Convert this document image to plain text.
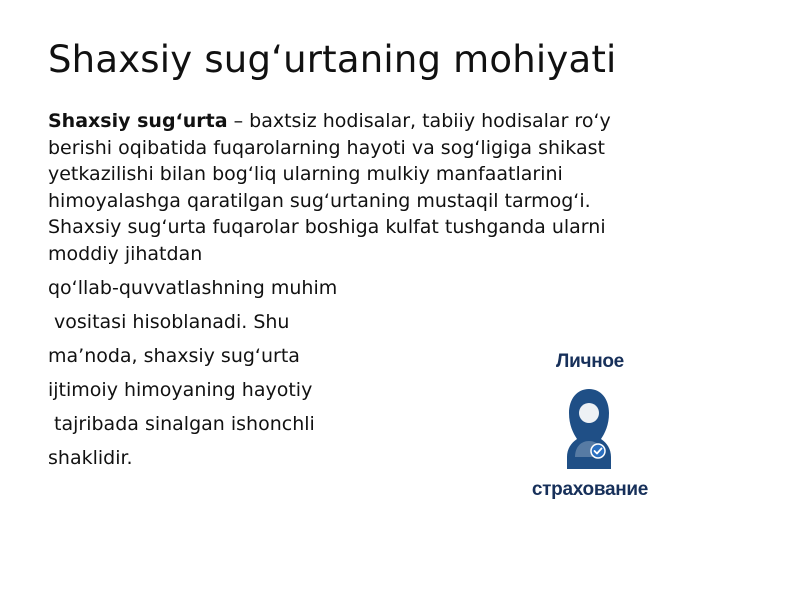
Shaxsiy sug‘urtaning mohiyati

Shaxsiy sug‘urta – baxtsiz hodisalar, tabiiy hodisalar ro‘y berishi oqibatida fuqarolarning hayoti va sog‘ligiga shikast yetkazilishi bilan bog‘liq ularning mulkiy manfaatlarini himoyalashga qaratilgan sug‘urtaning mustaqil tarmog‘i. Shaxsiy sug‘urta fuqarolar boshiga kulfat tushganda ularni moddiy jihatdan

qo‘llab-quvvatlashning muhim

vositasi hisoblanadi. Shu

ma’noda, shaxsiy sug‘urta

ijtimoiy himoyaning hayotiy

tajribada sinalgan ishonchli

shaklidir.

Личное
страхование
